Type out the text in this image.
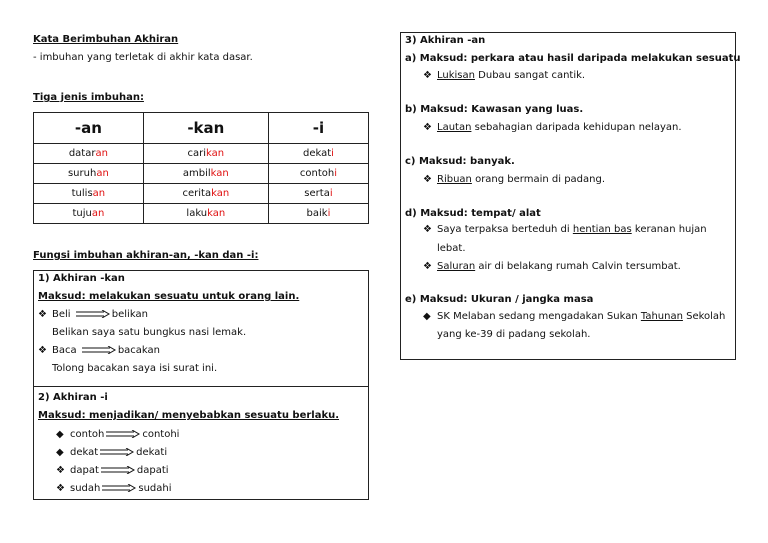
Kata Berimbuhan Akhiran
- imbuhan yang terletak di akhir kata dasar.
Tiga jenis imbuhan:
-an	-kan	-i
dataran	carikan	dekati
suruhan	ambilkan	contohi
tulisan	ceritakan	sertai
tujuan	lakukan	baiki
Fungsi imbuhan akhiran-an, -kan dan -i:
1) Akhiran -kan
Maksud: melakukan sesuatu untuk orang lain.
❖ Beli	belikan
Belikan saya satu bungkus nasi lemak.
❖ Baca	bacakan
Tolong bacakan saya isi surat ini.
2) Akhiran -i
Maksud: menjadikan/ menyebabkan sesuatu berlaku.
◆ contoh	contohi
◆ dekat	dekati
❖ dapat	dapati
❖ sudah	sudahi
3) Akhiran -an
a) Maksud: perkara atau hasil daripada melakukan sesuatu
❖ Lukisan Dubau sangat cantik.
b) Maksud: Kawasan yang luas.
❖ Lautan sebahagian daripada kehidupan nelayan.
c) Maksud: banyak.
❖ Ribuan orang bermain di padang.
d) Maksud: tempat/ alat
❖ Saya terpaksa berteduh di hentian bas keranan hujan
lebat.
❖ Saluran air di belakang rumah Calvin tersumbat.
e) Maksud: Ukuran / jangka masa
◆ SK Melaban sedang mengadakan Sukan Tahunan Sekolah
yang ke-39 di padang sekolah.
